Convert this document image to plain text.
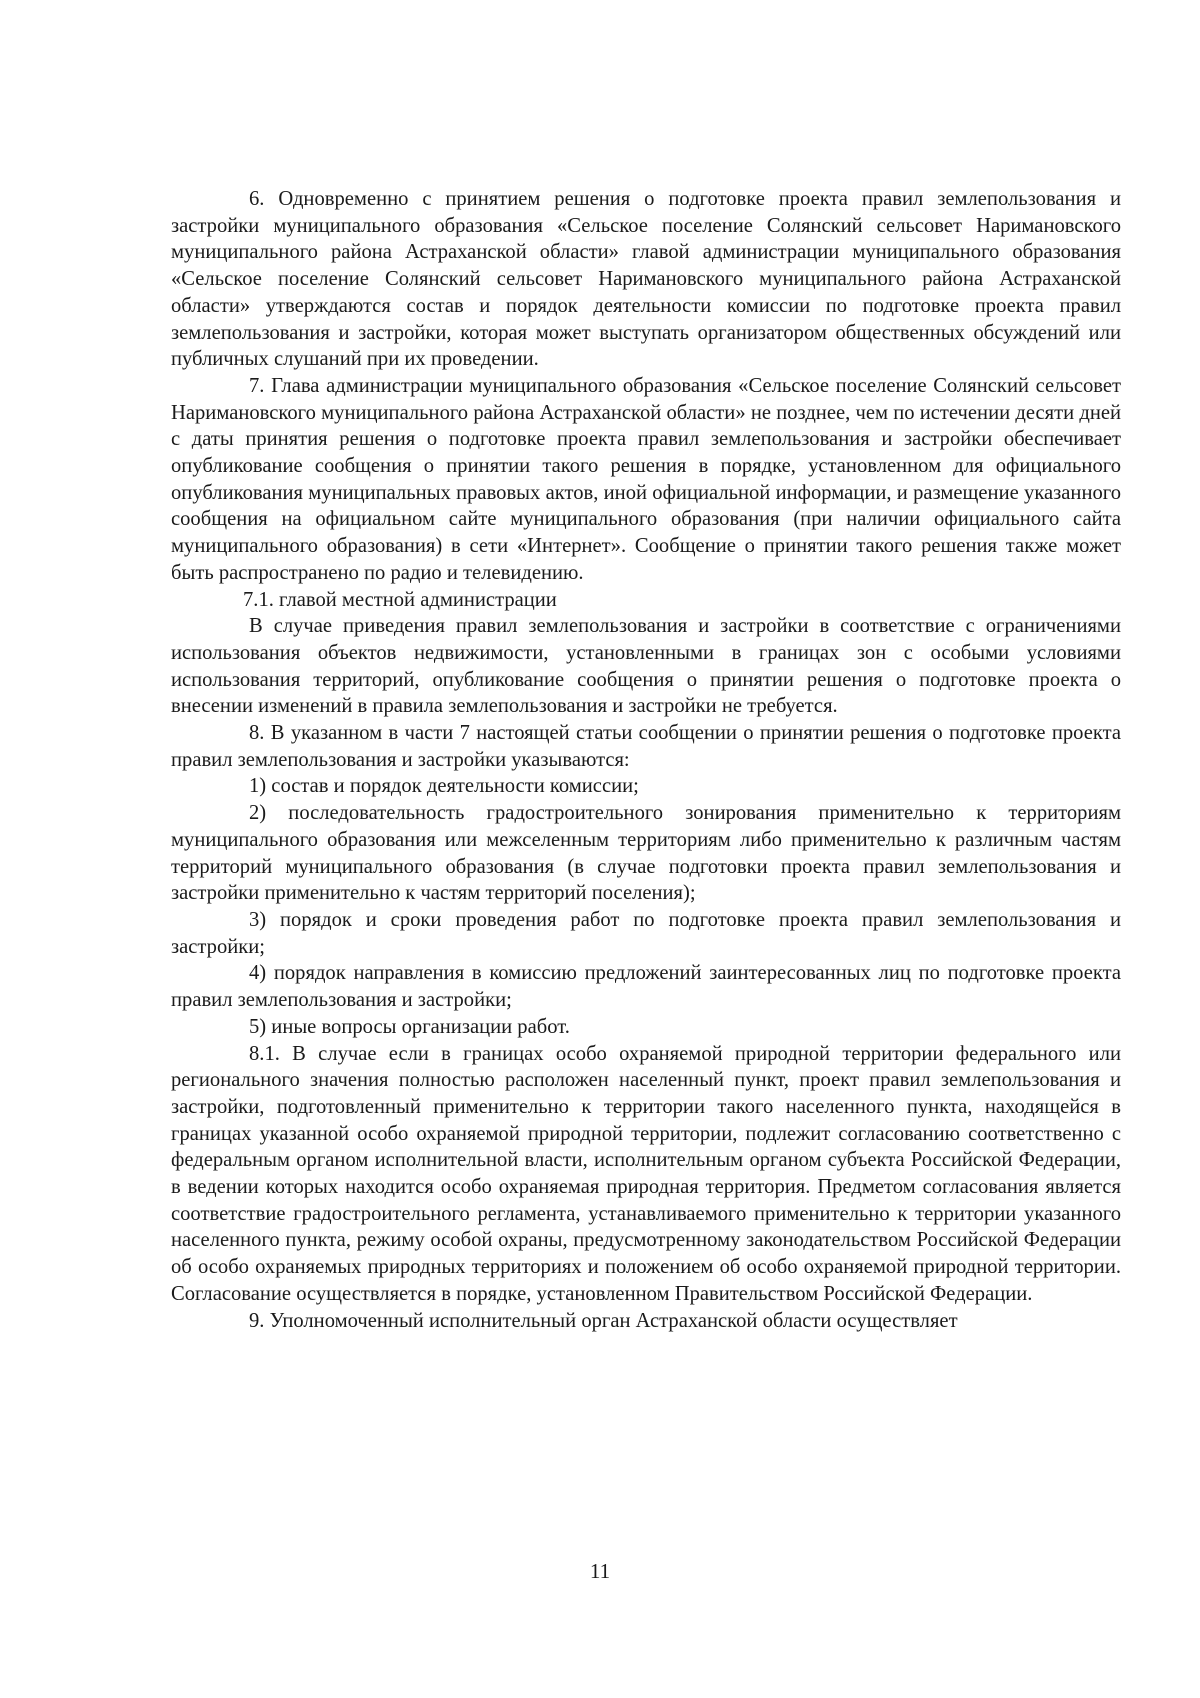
6. Одновременно с принятием решения о подготовке проекта правил землепользования и застройки муниципального образования «Сельское поселение Солянский сельсовет Наримановского муниципального района Астраханской области» главой администрации муниципального образования «Сельское поселение Солянский сельсовет Наримановского муниципального района Астраханской области» утверждаются состав и порядок деятельности комиссии по подготовке проекта правил землепользования и застройки, которая может выступать организатором общественных обсуждений или публичных слушаний при их проведении.

7. Глава администрации муниципального образования «Сельское поселение Солянский сельсовет Наримановского муниципального района Астраханской области» не позднее, чем по истечении десяти дней с даты принятия решения о подготовке проекта правил землепользования и застройки обеспечивает опубликование сообщения о принятии такого решения в порядке, установленном для официального опубликования муниципальных правовых актов, иной официальной информации, и размещение указанного сообщения на официальном сайте муниципального образования (при наличии официального сайта муниципального образования) в сети «Интернет». Сообщение о принятии такого решения также может быть распространено по радио и телевидению.

7.1. главой местной администрации

В случае приведения правил землепользования и застройки в соответствие с ограничениями использования объектов недвижимости, установленными в границах зон с особыми условиями использования территорий, опубликование сообщения о принятии решения о подготовке проекта о внесении изменений в правила землепользования и застройки не требуется.

8. В указанном в части 7 настоящей статьи сообщении о принятии решения о подготовке проекта правил землепользования и застройки указываются:

1) состав и порядок деятельности комиссии;

2) последовательность градостроительного зонирования применительно к территориям муниципального образования или межселенным территориям либо применительно к различным частям территорий муниципального образования (в случае подготовки проекта правил землепользования и застройки применительно к частям территорий поселения);

3) порядок и сроки проведения работ по подготовке проекта правил землепользования и застройки;

4) порядок направления в комиссию предложений заинтересованных лиц по подготовке проекта правил землепользования и застройки;

5) иные вопросы организации работ.

8.1. В случае если в границах особо охраняемой природной территории федерального или регионального значения полностью расположен населенный пункт, проект правил землепользования и застройки, подготовленный применительно к территории такого населенного пункта, находящейся в границах указанной особо охраняемой природной территории, подлежит согласованию соответственно с федеральным органом исполнительной власти, исполнительным органом субъекта Российской Федерации, в ведении которых находится особо охраняемая природная территория. Предметом согласования является соответствие градостроительного регламента, устанавливаемого применительно к территории указанного населенного пункта, режиму особой охраны, предусмотренному законодательством Российской Федерации об особо охраняемых природных территориях и положением об особо охраняемой природной территории. Согласование осуществляется в порядке, установленном Правительством Российской Федерации.

9. Уполномоченный исполнительный орган Астраханской области осуществляет

11
